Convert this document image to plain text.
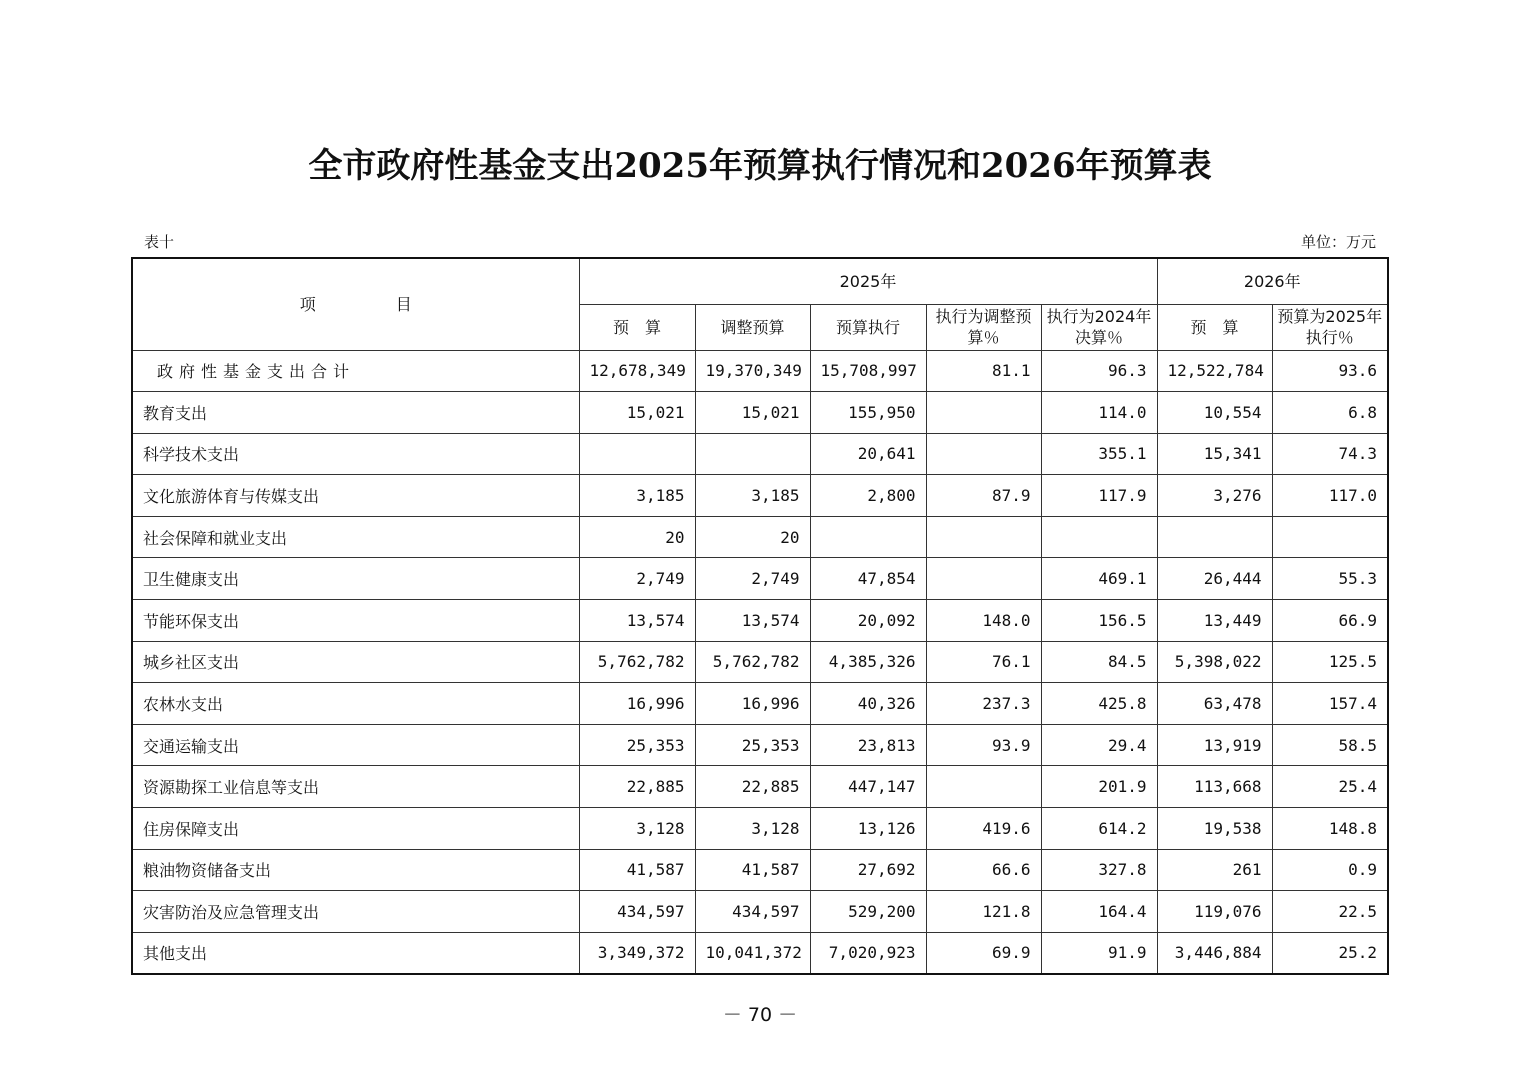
全市政府性基金支出2025年预算执行情况和2026年预算表
表十	单位：万元
项　　　　　目	2025年					2026年	
	预　算	调整预算	预算执行	执行为调整预算％	执行为2024年决算％	预　算	预算为2025年执行％
政府性基金支出合计	12,678,349	19,370,349	15,708,997	81.1	96.3	12,522,784	93.6
教育支出	15,021	15,021	155,950		114.0	10,554	6.8
科学技术支出			20,641		355.1	15,341	74.3
文化旅游体育与传媒支出	3,185	3,185	2,800	87.9	117.9	3,276	117.0
社会保障和就业支出	20	20					
卫生健康支出	2,749	2,749	47,854		469.1	26,444	55.3
节能环保支出	13,574	13,574	20,092	148.0	156.5	13,449	66.9
城乡社区支出	5,762,782	5,762,782	4,385,326	76.1	84.5	5,398,022	125.5
农林水支出	16,996	16,996	40,326	237.3	425.8	63,478	157.4
交通运输支出	25,353	25,353	23,813	93.9	29.4	13,919	58.5
资源勘探工业信息等支出	22,885	22,885	447,147		201.9	113,668	25.4
住房保障支出	3,128	3,128	13,126	419.6	614.2	19,538	148.8
粮油物资储备支出	41,587	41,587	27,692	66.6	327.8	261	0.9
灾害防治及应急管理支出	434,597	434,597	529,200	121.8	164.4	119,076	22.5
其他支出	3,349,372	10,041,372	7,020,923	69.9	91.9	3,446,884	25.2
－ 70 －
